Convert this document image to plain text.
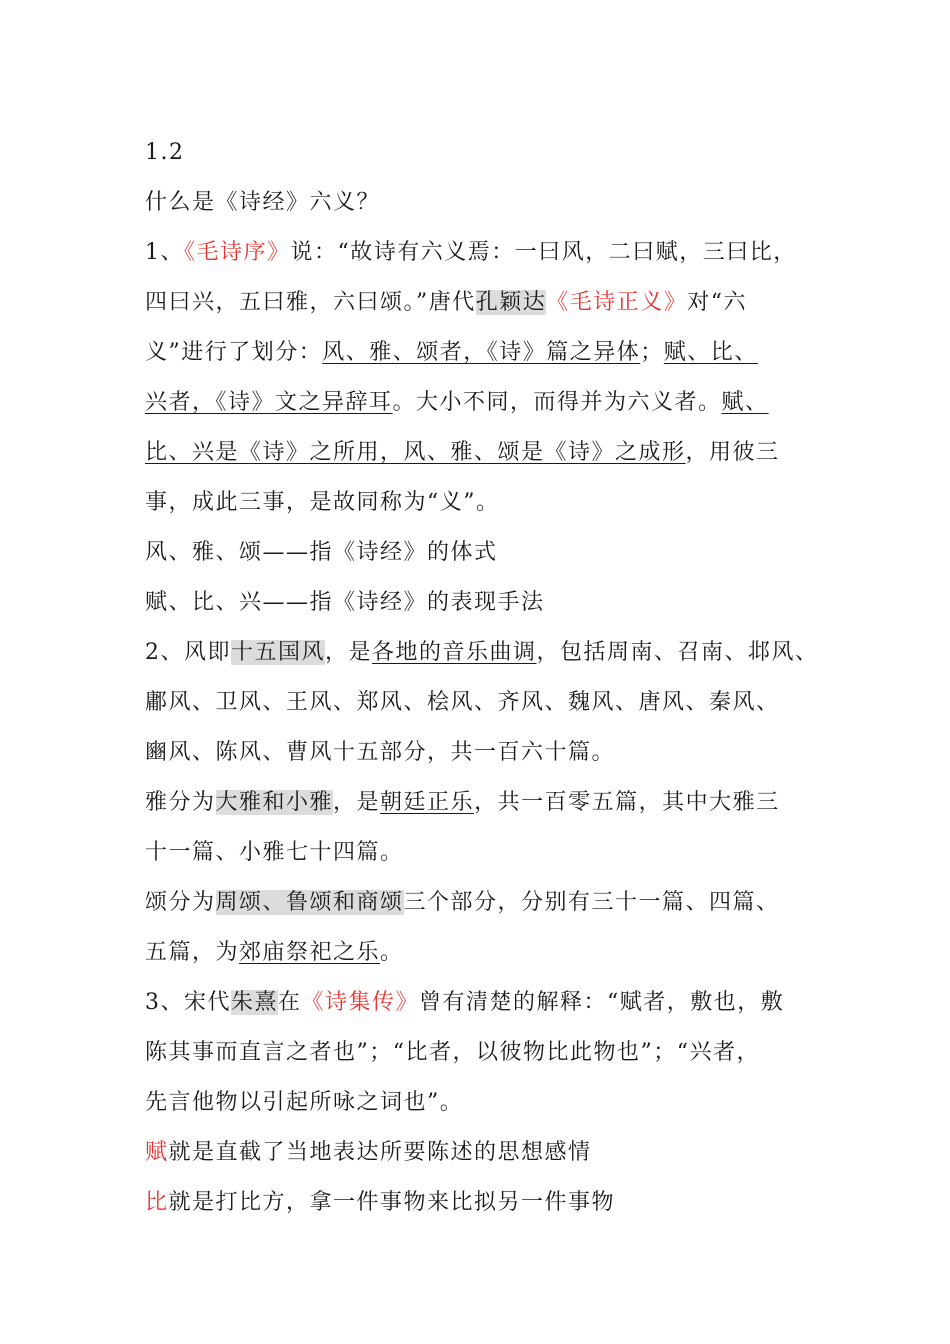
1.2
什么是《诗经》六义？
1、《毛诗序》说：“故诗有六义焉：一曰风，二曰赋，三曰比，
四曰兴，五曰雅，六曰颂。”唐代孔颖达《毛诗正义》对“六
义”进行了划分：风、雅、颂者，《诗》篇之异体；赋、比、
兴者，《诗》文之异辞耳。大小不同，而得并为六义者。赋、
比、兴是《诗》之所用，风、雅、颂是《诗》之成形，用彼三
事，成此三事，是故同称为“义”。
风、雅、颂——指《诗经》的体式
赋、比、兴——指《诗经》的表现手法
2、风即十五国风，是各地的音乐曲调，包括周南、召南、邶风、
鄘风、卫风、王风、郑风、桧风、齐风、魏风、唐风、秦风、
豳风、陈风、曹风十五部分，共一百六十篇。
雅分为大雅和小雅，是朝廷正乐，共一百零五篇，其中大雅三
十一篇、小雅七十四篇。
颂分为周颂、鲁颂和商颂三个部分，分别有三十一篇、四篇、
五篇，为郊庙祭祀之乐。
3、宋代朱熹在《诗集传》曾有清楚的解释：“赋者，敷也，敷
陈其事而直言之者也”；“比者，以彼物比此物也”；“兴者，
先言他物以引起所咏之词也”。
赋就是直截了当地表达所要陈述的思想感情
比就是打比方，拿一件事物来比拟另一件事物
